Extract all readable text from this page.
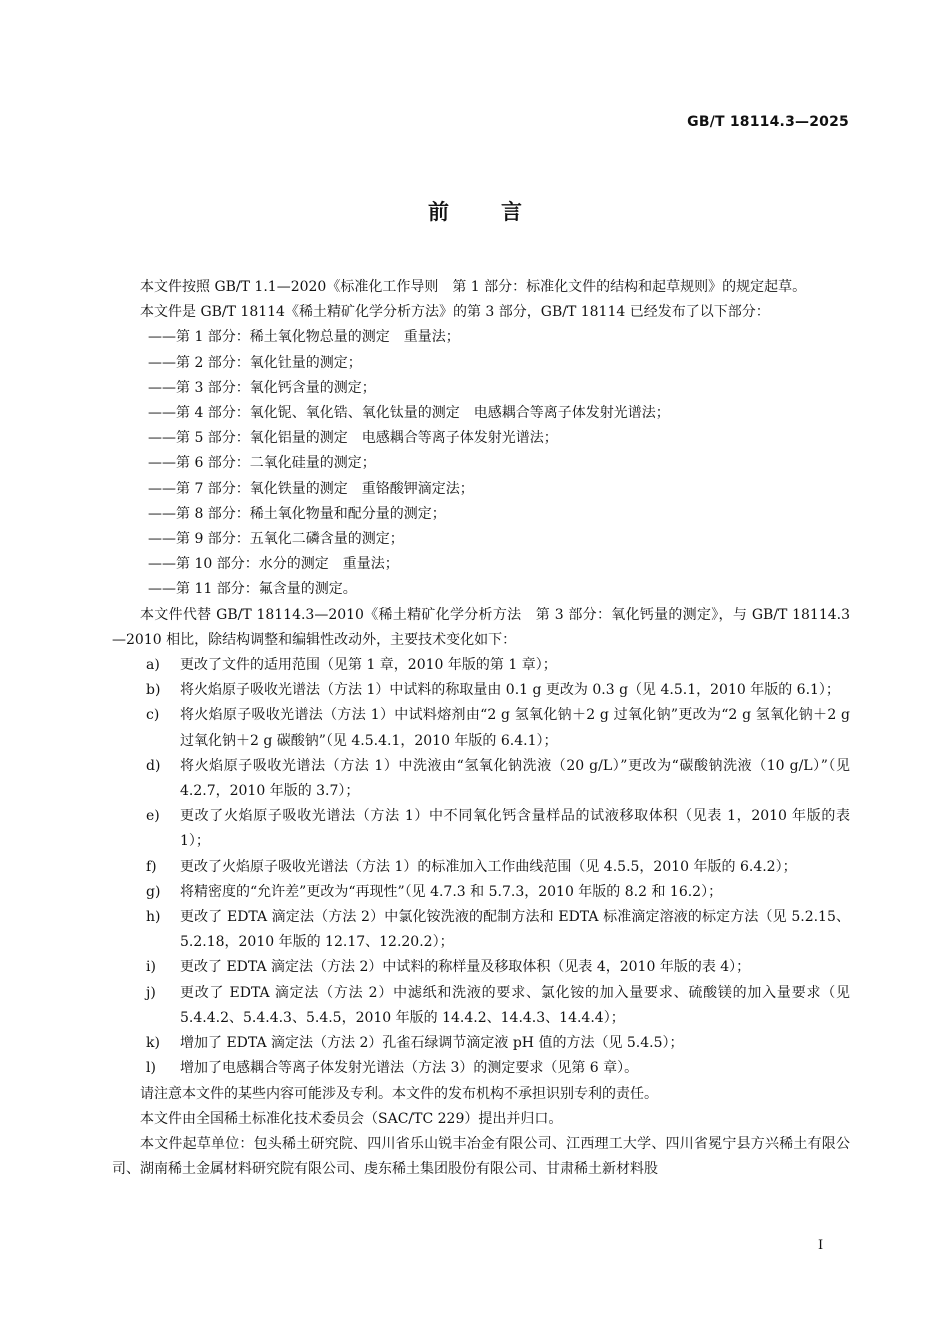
GB/T 18114.3—2025
前言
本文件按照 GB/T 1.1—2020《标准化工作导则　第 1 部分：标准化文件的结构和起草规则》的规定起草。
本文件是 GB/T 18114《稀土精矿化学分析方法》的第 3 部分，GB/T 18114 已经发布了以下部分：
——第 1 部分：稀土氧化物总量的测定　重量法；
——第 2 部分：氧化钍量的测定；
——第 3 部分：氧化钙含量的测定；
——第 4 部分：氧化铌、氧化锆、氧化钛量的测定　电感耦合等离子体发射光谱法；
——第 5 部分：氧化铝量的测定　电感耦合等离子体发射光谱法；
——第 6 部分：二氧化硅量的测定；
——第 7 部分：氧化铁量的测定　重铬酸钾滴定法；
——第 8 部分：稀土氧化物量和配分量的测定；
——第 9 部分：五氧化二磷含量的测定；
——第 10 部分：水分的测定　重量法；
——第 11 部分：氟含量的测定。
本文件代替 GB/T 18114.3—2010《稀土精矿化学分析方法　第 3 部分：氧化钙量的测定》，与 GB/T 18114.3—2010 相比，除结构调整和编辑性改动外，主要技术变化如下：
a) 更改了文件的适用范围（见第 1 章，2010 年版的第 1 章）；
b) 将火焰原子吸收光谱法（方法 1）中试料的称取量由 0.1 g 更改为 0.3 g（见 4.5.1，2010 年版的 6.1）；
c) 将火焰原子吸收光谱法（方法 1）中试料熔剂由“2 g 氢氧化钠＋2 g 过氧化钠”更改为“2 g 氢氧化钠＋2 g 过氧化钠＋2 g 碳酸钠”（见 4.5.4.1，2010 年版的 6.4.1）；
d) 将火焰原子吸收光谱法（方法 1）中洗液由“氢氧化钠洗液（20 g/L）”更改为“碳酸钠洗液（10 g/L）”（见 4.2.7，2010 年版的 3.7）；
e) 更改了火焰原子吸收光谱法（方法 1）中不同氧化钙含量样品的试液移取体积（见表 1，2010 年版的表 1）；
f) 更改了火焰原子吸收光谱法（方法 1）的标准加入工作曲线范围（见 4.5.5，2010 年版的 6.4.2）；
g) 将精密度的“允许差”更改为“再现性”（见 4.7.3 和 5.7.3，2010 年版的 8.2 和 16.2）；
h) 更改了 EDTA 滴定法（方法 2）中氯化铵洗液的配制方法和 EDTA 标准滴定溶液的标定方法（见 5.2.15、5.2.18，2010 年版的 12.17、12.20.2）；
i) 更改了 EDTA 滴定法（方法 2）中试料的称样量及移取体积（见表 4，2010 年版的表 4）；
j) 更改了 EDTA 滴定法（方法 2）中滤纸和洗液的要求、氯化铵的加入量要求、硫酸镁的加入量要求（见 5.4.4.2、5.4.4.3、5.4.5，2010 年版的 14.4.2、14.4.3、14.4.4）；
k) 增加了 EDTA 滴定法（方法 2）孔雀石绿调节滴定液 pH 值的方法（见 5.4.5）；
l) 增加了电感耦合等离子体发射光谱法（方法 3）的测定要求（见第 6 章）。
请注意本文件的某些内容可能涉及专利。本文件的发布机构不承担识别专利的责任。
本文件由全国稀土标准化技术委员会（SAC/TC 229）提出并归口。
本文件起草单位：包头稀土研究院、四川省乐山锐丰冶金有限公司、江西理工大学、四川省冕宁县方兴稀土有限公司、湖南稀土金属材料研究院有限公司、虔东稀土集团股份有限公司、甘肃稀土新材料股
I
